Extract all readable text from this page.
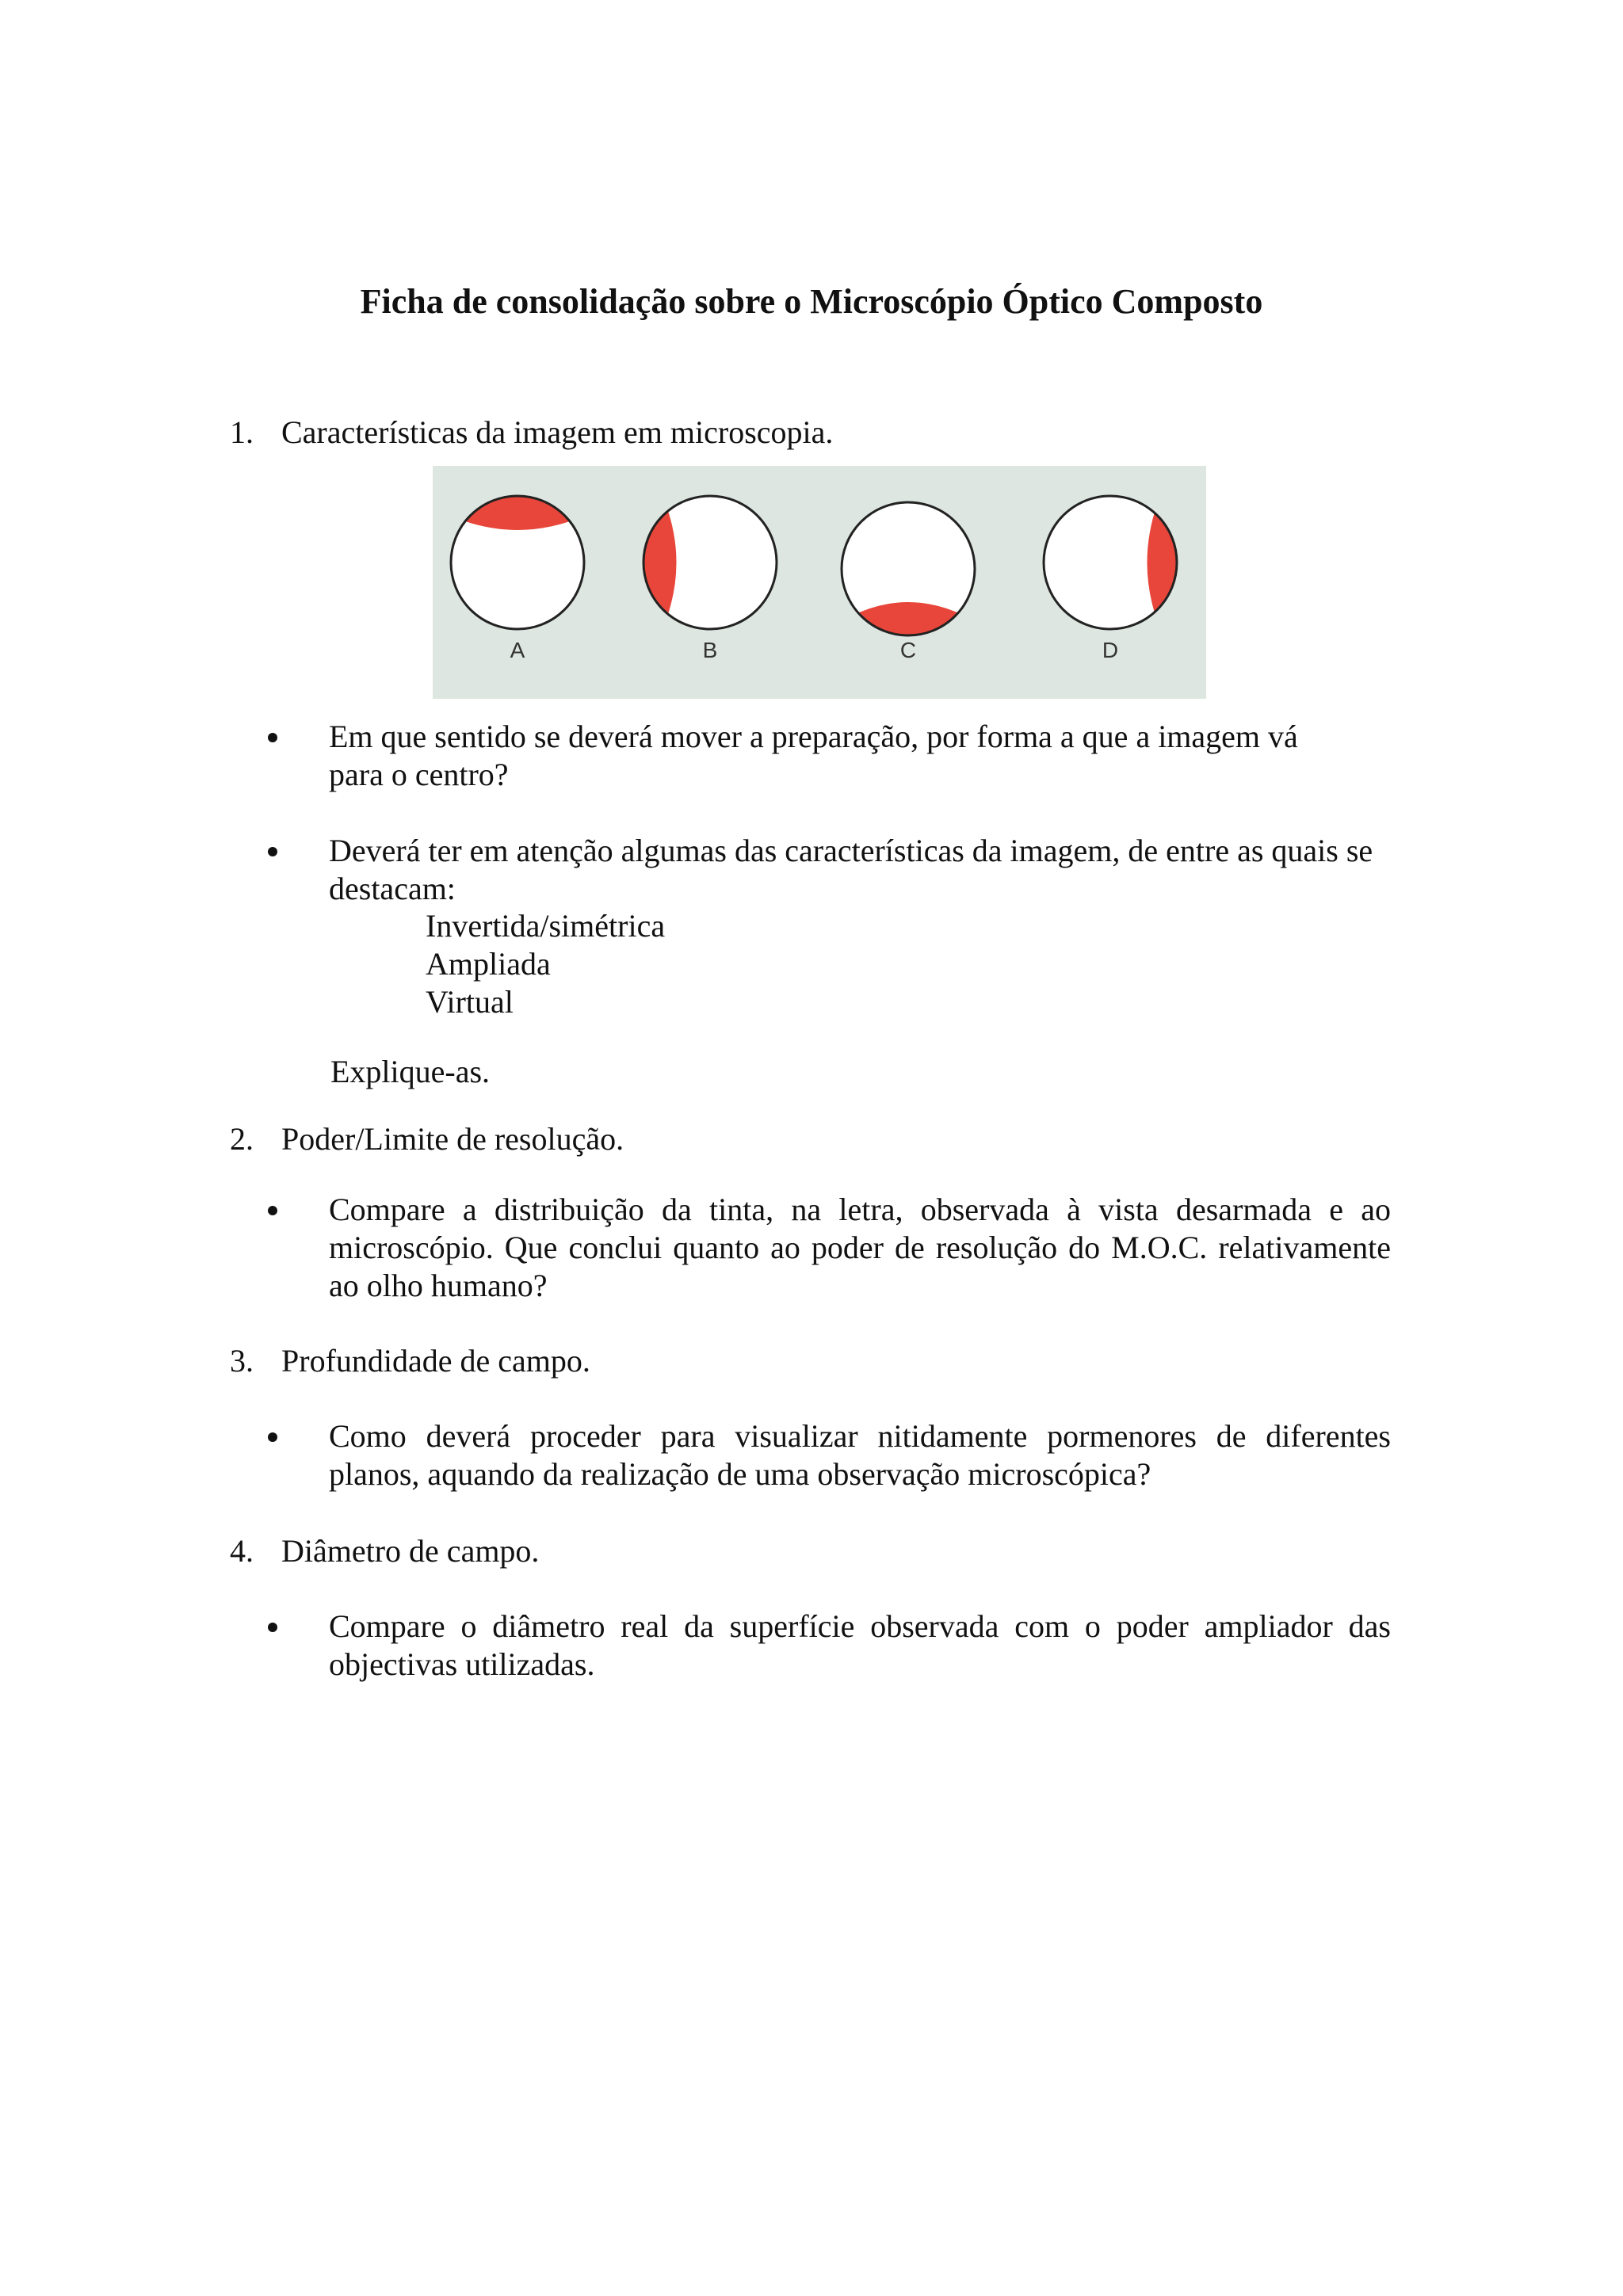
Ficha de consolidação sobre o Microscópio Óptico Composto
1. Características da imagem em microscopia.
A	B	C	D
Em que sentido se deverá mover a preparação, por forma a que a imagem vá para o centro?
Deverá ter em atenção algumas das características da imagem, de entre as quais se destacam:
Invertida/simétrica
Ampliada
Virtual
Explique-as.
2. Poder/Limite de resolução.
Compare a distribuição da tinta, na letra, observada à vista desarmada e ao microscópio. Que conclui quanto ao poder de resolução do M.O.C. relativamente ao olho humano?
3. Profundidade de campo.
Como deverá proceder para visualizar nitidamente pormenores de diferentes planos, aquando da realização de uma observação microscópica?
4. Diâmetro de campo.
Compare o diâmetro real da superfície observada com o poder ampliador das objectivas utilizadas.
